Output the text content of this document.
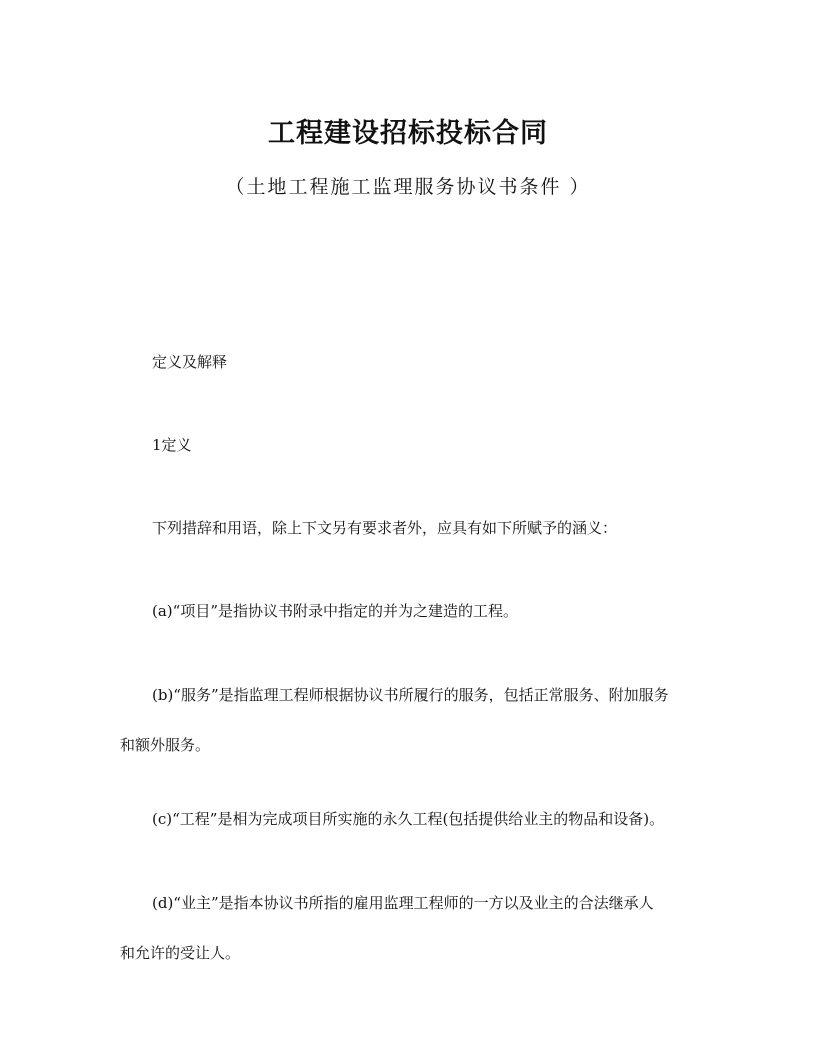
工程建设招标投标合同
（土地工程施工监理服务协议书条件 ）

定义及解释

1定义

下列措辞和用语，除上下文另有要求者外，应具有如下所赋予的涵义：

(a)“项目”是指协议书附录中指定的并为之建造的工程。

(b)“服务”是指监理工程师根据协议书所履行的服务，包括正常服务、附加服务
和额外服务。

(c)“工程”是相为完成项目所实施的永久工程(包括提供给业主的物品和设备)。

(d)“业主”是指本协议书所指的雇用监理工程师的一方以及业主的合法继承人
和允许的受让人。
